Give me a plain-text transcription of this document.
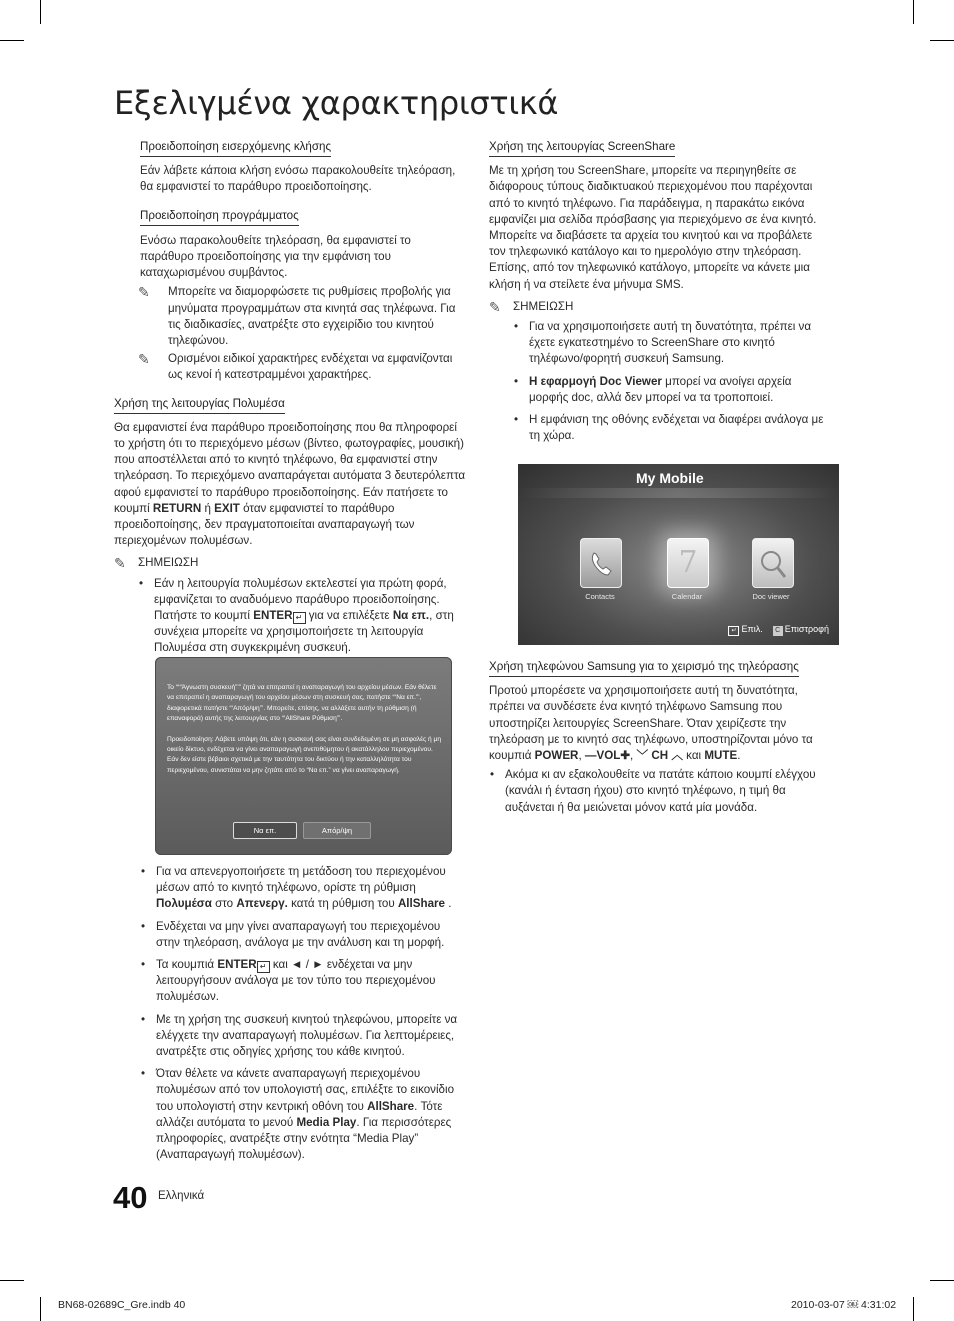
Εξελιγμένα χαρακτηριστικά
Προειδοποίηση εισερχόμενης κλήσης

Εάν λάβετε κάποια κλήση ενόσω παρακολουθείτε τηλεόραση, θα εμφανιστεί το παράθυρο προειδοποίησης.

Προειδοποίηση προγράμματος

Ενόσω παρακολουθείτε τηλεόραση, θα εμφανιστεί το παράθυρο προειδοποίησης για την εμφάνιση του καταχωρισμένου συμβάντος.

✎	Μπορείτε να διαμορφώσετε τις ρυθμίσεις προβολής για μηνύματα προγραμμάτων στα κινητά σας τηλέφωνα. Για τις διαδικασίες, ανατρέξτε στο εγχειρίδιο του κινητού τηλεφώνου.

✎	Ορισμένοι ειδικοί χαρακτήρες ενδέχεται να εμφανίζονται ως κενοί ή κατεστραμμένοι χαρακτήρες.

Χρήση της λειτουργίας Πολυμέσα

Θα εμφανιστεί ένα παράθυρο προειδοποίησης που θα πληροφορεί το χρήστη ότι το περιεχόμενο μέσων (βίντεο, φωτογραφίες, μουσική) που αποστέλλεται από το κινητό τηλέφωνο, θα εμφανιστεί στην τηλεόραση. Το περιεχόμενο αναπαράγεται αυτόματα 3 δευτερόλεπτα αφού εμφανιστεί το παράθυρο προειδοποίησης. Εάν πατήσετε το κουμπί RETURN ή EXIT όταν εμφανιστεί το παράθυρο προειδοποίησης, δεν πραγματοποιείται αναπαραγωγή των περιεχομένων πολυμέσων.

✎	ΣΗΜΕΙΩΣΗ
• Εάν η λειτουργία πολυμέσων εκτελεστεί για πρώτη φορά, εμφανίζεται το αναδυόμενο παράθυρο προειδοποίησης. Πατήστε το κουμπί ENTER ↵ για να επιλέξετε Να επ., στη συνέχεια μπορείτε να χρησιμοποιήσετε τη λειτουργία Πολυμέσα στη συγκεκριμένη συσκευή.

Το “‘“Άγνωστη συσκευή”’” ζητά να επιτραπεί η αναπαραγωγή του αρχείου μέσων. Εάν θέλετε να επιτραπεί η αναπαραγωγή του αρχείου μέσων στη συσκευή σας, πατήστε “‘Να επ.”’, διαφορετικά πατήστε “‘Απόρ/ψη”’. Μπορείτε, επίσης, να αλλάξετε αυτήν τη ρύθμιση (ή επαναφορά) αυτής της λειτουργίας στο “‘AllShare Ρύθμιση”’.

Προειδοποίηση: Λάβετε υπόψη ότι, εάν η συσκευή σας είναι συνδεδεμένη σε μη ασφαλές ή μη οικείο δίκτυο, ενδέχεται να γίνει αναπαραγωγή ανεπιθύμητου ή ακατάλληλου περιεχομένου. Εάν δεν είστε βέβαιοι σχετικά με την ταυτότητα του δικτύου ή την καταλληλότητα του περιεχομένου, συνιστάται να μην ζητάτε από το “Να επ.” να γίνει αναπαραγωγή.

Να επ.	Απόρ/ψη
• Για να απενεργοποιήσετε τη μετάδοση του περιεχομένου μέσων από το κινητό τηλέφωνο, ορίστε τη ρύθμιση Πολυμέσα στο Απενεργ. κατά τη ρύθμιση του AllShare .
• Ενδέχεται να μην γίνει αναπαραγωγή του περιεχομένου στην τηλεόραση, ανάλογα με την ανάλυση και τη μορφή.
• Τα κουμπιά ENTER ↵ και ◄ / ► ενδέχεται να μην λειτουργήσουν ανάλογα με τον τύπο του περιεχομένου πολυμέσων.
• Με τη χρήση της συσκευή κινητού τηλεφώνου, μπορείτε να ελέγχετε την αναπαραγωγή πολυμέσων. Για λεπτομέρειες, ανατρέξτε στις οδηγίες χρήσης του κάθε κινητού.
• Όταν θέλετε να κάνετε αναπαραγωγή περιεχομένου πολυμέσων από τον υπολογιστή σας, επιλέξτε το εικονίδιο του υπολογιστή στην κεντρική οθόνη του AllShare. Τότε αλλάζει αυτόματα το μενού Media Play. Για περισσότερες πληροφορίες, ανατρέξτε στην ενότητα “Media Play” (Αναπαραγωγή πολυμέσων).
Χρήση της λειτουργίας ScreenShare

Με τη χρήση του ScreenShare, μπορείτε να περιηγηθείτε σε διάφορους τύπους διαδικτυακού περιεχομένου που παρέχονται από το κινητό τηλέφωνο. Για παράδειγμα, η παρακάτω εικόνα εμφανίζει μια σελίδα πρόσβασης για περιεχόμενο σε ένα κινητό. Μπορείτε να διαβάσετε τα αρχεία του κινητού και να προβάλετε τον τηλεφωνικό κατάλογο και το ημερολόγιο στην τηλεόραση. Επίσης, από τον τηλεφωνικό κατάλογο, μπορείτε να κάνετε μια κλήση ή να στείλετε ένα μήνυμα SMS.

✎	ΣΗΜΕΙΩΣΗ
• Για να χρησιμοποιήσετε αυτή τη δυνατότητα, πρέπει να έχετε εγκατεστημένο το ScreenShare στο κινητό τηλέφωνο/φορητή συσκευή Samsung.
• Η εφαρμογή Doc Viewer μπορεί να ανοίγει αρχεία μορφής doc, αλλά δεν μπορεί να τα τροποποιεί.
• Η εμφάνιση της οθόνης ενδέχεται να διαφέρει ανάλογα με τη χώρα.
My Mobile
Contacts
7
Calendar	Doc viewer
↵ Επιλ.	C Επιστροφή
Χρήση τηλεφώνου Samsung για το χειρισμό της τηλεόρασης

Προτού μπορέσετε να χρησιμοποιήσετε αυτή τη δυνατότητα, πρέπει να συνδέσετε ένα κινητό τηλέφωνο Samsung που υποστηρίζει λειτουργίες ScreenShare. Όταν χειρίζεστε την τηλεόραση με το κινητό σας τηλέφωνο, υποστηρίζονται μόνο τα κουμπιά POWER, —VOL✚, ﹀ CH ︿ και MUTE.

• Ακόμα κι αν εξακολουθείτε να πατάτε κάποιο κουμπί ελέγχου (κανάλι ή ένταση ήχου) στο κινητό τηλέφωνο, η τιμή θα αυξάνεται ή θα μειώνεται μόνον κατά μία μονάδα.
40 Ελληνικά
BN68-02689C_Gre.indb 40	2010-03-07 ￼ 4:31:02
